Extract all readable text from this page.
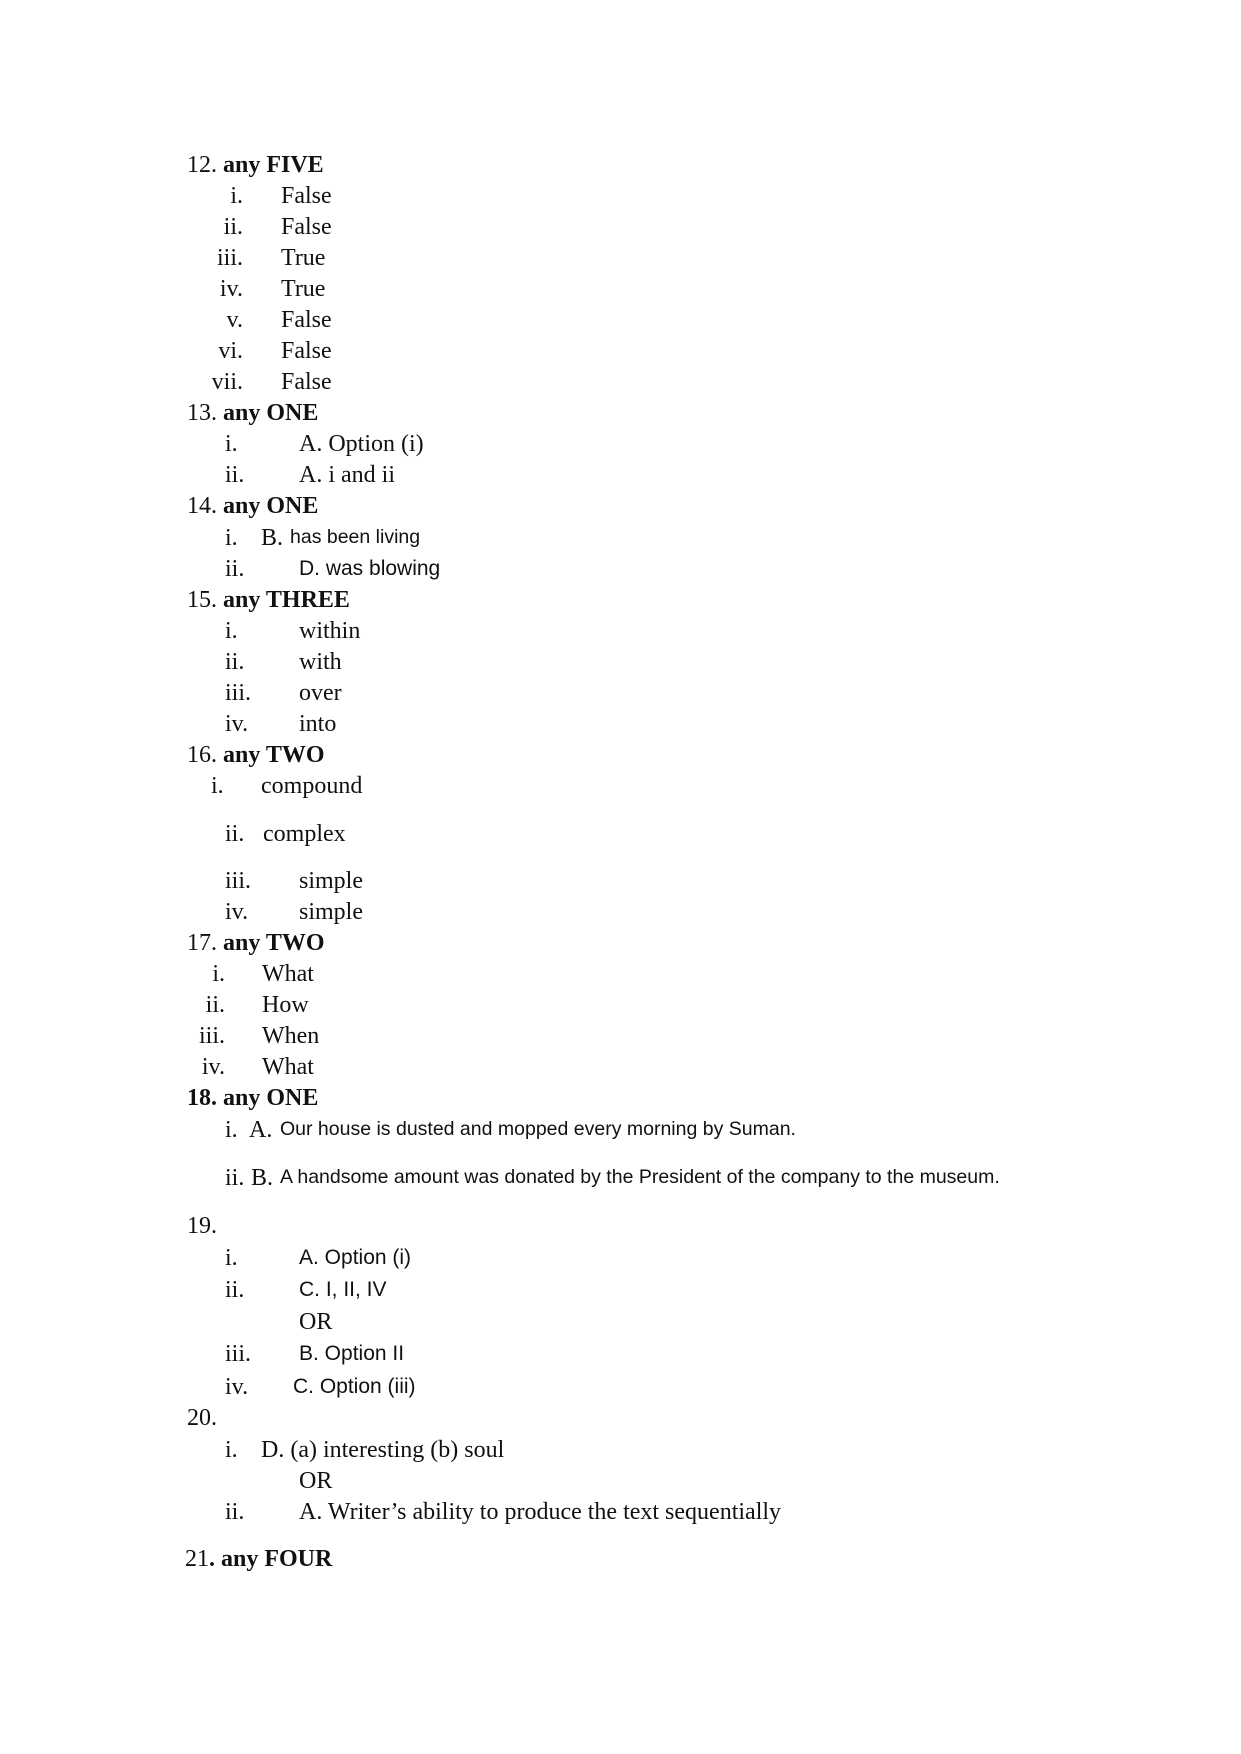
12. any FIVE
i. False
ii. False
iii. True
iv. True
v. False
vi. False
vii. False
13. any ONE
i.	A. Option (i)
ii. A. i and ii
14. any ONE
i. B. has been living
ii.	D. was blowing
15. any THREE
i.	within
ii. with
iii. over
iv. into
16. any TWO
i. compound
ii. complex
iii. simple
iv. simple
17. any TWO
i. What
ii. How
iii. When
iv. What
18. any ONE
i. A. Our house is dusted and mopped every morning by Suman.
ii. B. A handsome amount was donated by the President of the company to the museum.
19.
i.	A. Option (i)
ii.	C. I, II, IV
OR
iii. B. Option II
iv. C. Option (iii)
20.
i. D. (a) interesting (b) soul
OR
ii. A. Writer’s ability to produce the text sequentially
21. any FOUR
